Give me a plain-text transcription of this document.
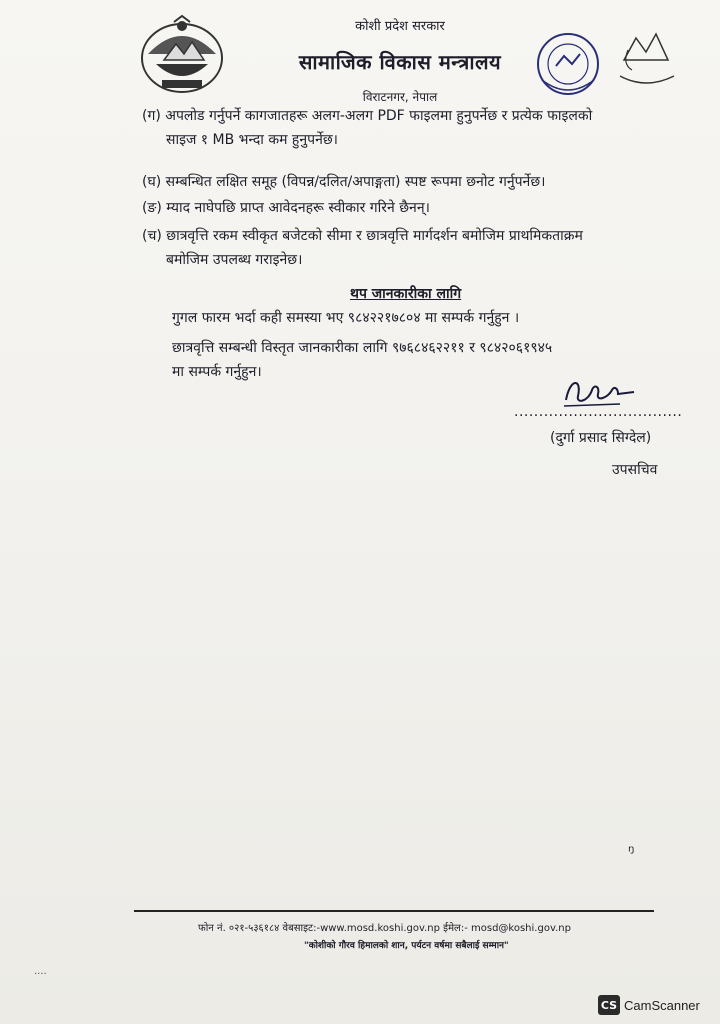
कोशी प्रदेश सरकार
सामाजिक विकास मन्त्रालय
विराटनगर, नेपाल
(ग) अपलोड गर्नुपर्ने कागजातहरू अलग-अलग PDF फाइलमा हुनुपर्नेछ र प्रत्येक फाइलको
साइज १ MB भन्दा कम हुनुपर्नेछ।
(घ) सम्बन्धित लक्षित समूह (विपन्न/दलित/अपाङ्गता) स्पष्ट रूपमा छनोट गर्नुपर्नेछ।
(ङ) म्याद नाघेपछि प्राप्त आवेदनहरू स्वीकार गरिने छैनन्।
(च) छात्रवृत्ति रकम स्वीकृत बजेटको सीमा र छात्रवृत्ति मार्गदर्शन बमोजिम प्राथमिकताक्रम
बमोजिम उपलब्ध गराइनेछ।
थप जानकारीका लागि
गुगल फारम भर्दा कही समस्या भए ९८४२२१७८०४ मा सम्पर्क गर्नुहुन ।
छात्रवृत्ति सम्बन्धी विस्तृत जानकारीका लागि ९७६८४६२२११ र ९८४२०६१९४५
मा सम्पर्क गर्नुहुन।
..................................
(दुर्गा प्रसाद सिग्देल)
उपसचिव
ᵑ
फोन नं. ०२१-५३६१८४ वेबसाइट:-www.mosd.koshi.gov.np ईमेल:- mosd@koshi.gov.np
"कोशीको गौरव हिमालको शान, पर्यटन वर्षमा सबैलाई सम्मान"
....
CS CamScanner
